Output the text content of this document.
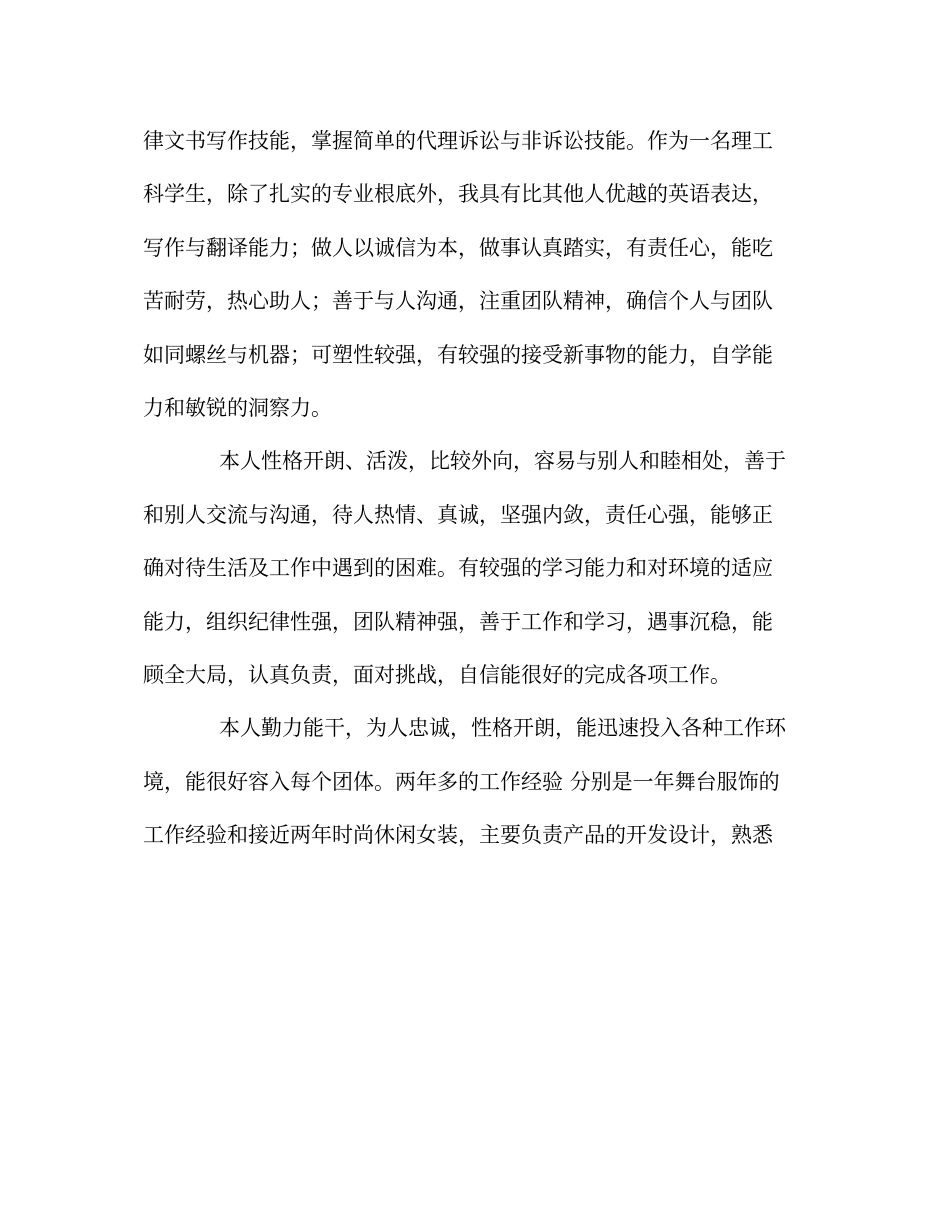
律文书写作技能，掌握简单的代理诉讼与非诉讼技能。作为一名理工
科学生，除了扎实的专业根底外，我具有比其他人优越的英语表达，
写作与翻译能力；做人以诚信为本，做事认真踏实，有责任心，能吃
苦耐劳，热心助人；善于与人沟通，注重团队精神，确信个人与团队
如同螺丝与机器；可塑性较强，有较强的接受新事物的能力，自学能
力和敏锐的洞察力。
本人性格开朗、活泼，比较外向，容易与别人和睦相处，善于
和别人交流与沟通，待人热情、真诚，坚强内敛，责任心强，能够正
确对待生活及工作中遇到的困难。有较强的学习能力和对环境的适应
能力，组织纪律性强，团队精神强，善于工作和学习，遇事沉稳，能
顾全大局，认真负责，面对挑战，自信能很好的完成各项工作。
本人勤力能干，为人忠诚，性格开朗，能迅速投入各种工作环
境，能很好容入每个团体。两年多的工作经验 分别是一年舞台服饰的
工作经验和接近两年时尚休闲女装，主要负责产品的开发设计，熟悉
